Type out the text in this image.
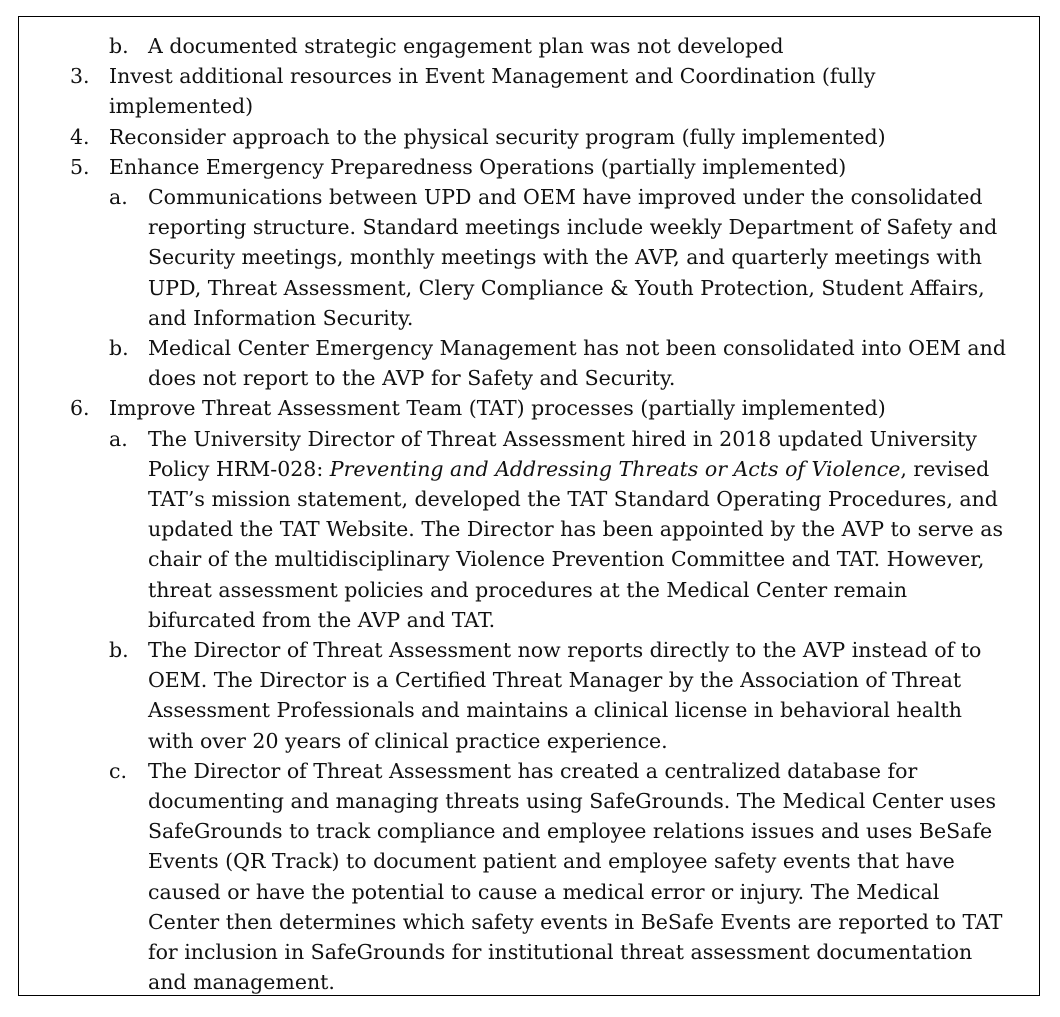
b. A documented strategic engagement plan was not developed
3. Invest additional resources in Event Management and Coordination (fully implemented)
4. Reconsider approach to the physical security program (fully implemented)
5. Enhance Emergency Preparedness Operations (partially implemented)
a. Communications between UPD and OEM have improved under the consolidated reporting structure. Standard meetings include weekly Department of Safety and Security meetings, monthly meetings with the AVP, and quarterly meetings with UPD, Threat Assessment, Clery Compliance & Youth Protection, Student Affairs, and Information Security.
b. Medical Center Emergency Management has not been consolidated into OEM and does not report to the AVP for Safety and Security.
6. Improve Threat Assessment Team (TAT) processes (partially implemented)
a. The University Director of Threat Assessment hired in 2018 updated University Policy HRM-028: Preventing and Addressing Threats or Acts of Violence, revised TAT’s mission statement, developed the TAT Standard Operating Procedures, and updated the TAT Website. The Director has been appointed by the AVP to serve as chair of the multidisciplinary Violence Prevention Committee and TAT. However, threat assessment policies and procedures at the Medical Center remain bifurcated from the AVP and TAT.
b. The Director of Threat Assessment now reports directly to the AVP instead of to OEM. The Director is a Certified Threat Manager by the Association of Threat Assessment Professionals and maintains a clinical license in behavioral health with over 20 years of clinical practice experience.
c. The Director of Threat Assessment has created a centralized database for documenting and managing threats using SafeGrounds. The Medical Center uses SafeGrounds to track compliance and employee relations issues and uses BeSafe Events (QR Track) to document patient and employee safety events that have caused or have the potential to cause a medical error or injury. The Medical Center then determines which safety events in BeSafe Events are reported to TAT for inclusion in SafeGrounds for institutional threat assessment documentation and management.
